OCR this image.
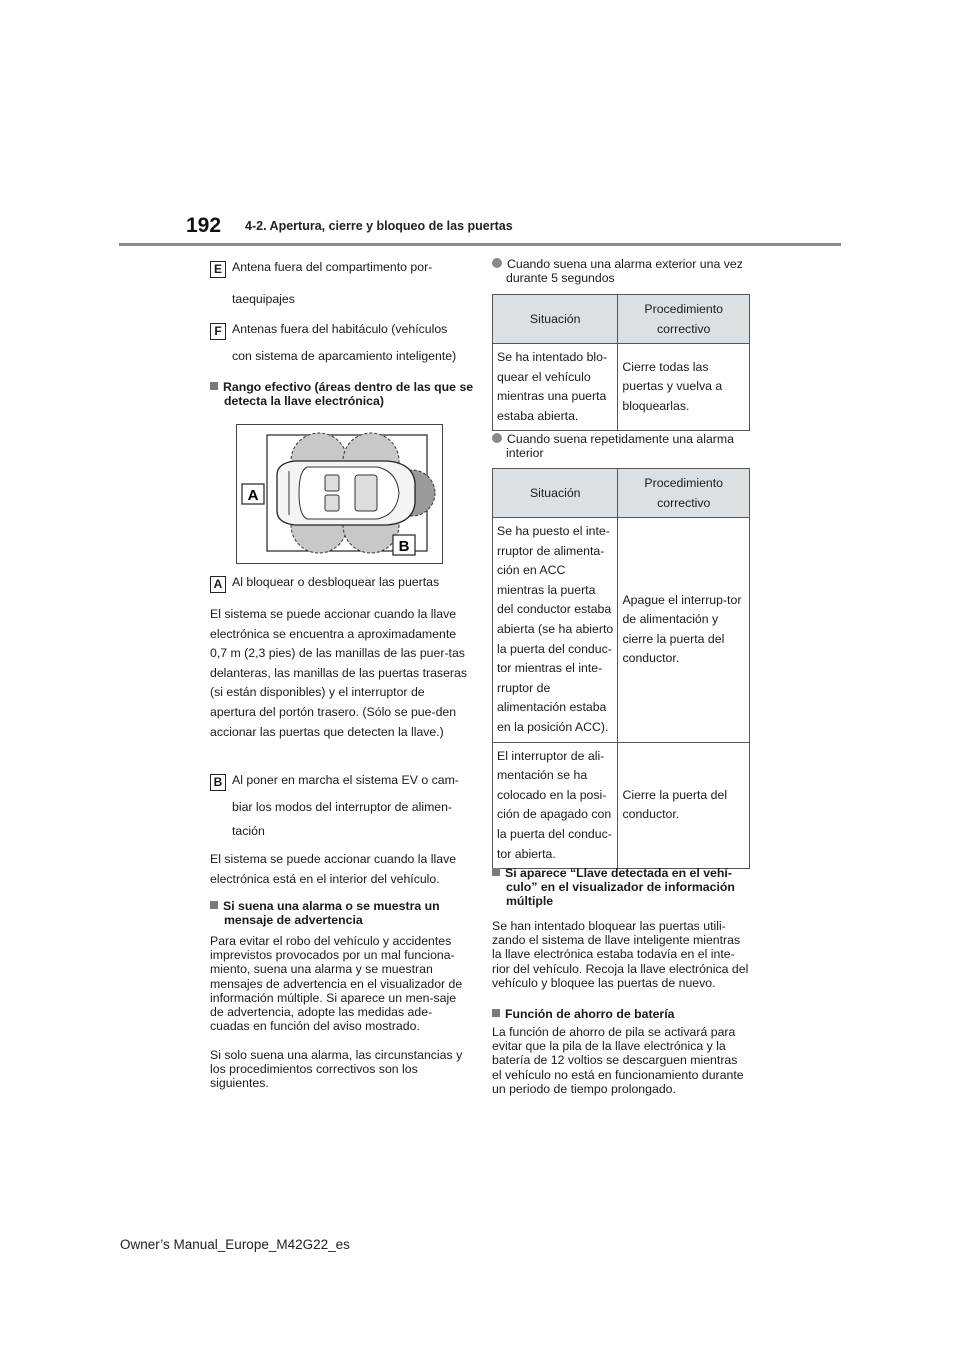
192 4-2. Apertura, cierre y bloqueo de las puertas
E Antena fuera del compartimento por-
taequipajes
F Antenas fuera del habitáculo (vehículos
con sistema de aparcamiento inteligente)
Rango efectivo (áreas dentro de las que se detecta la llave electrónica)
A
B
A Al bloquear o desbloquear las puertas
El sistema se puede accionar cuando la llave electrónica se encuentra a aproximadamente 0,7 m (2,3 pies) de las manillas de las puer-tas delanteras, las manillas de las puertas traseras (si están disponibles) y el interruptor de apertura del portón trasero. (Sólo se pue-den accionar las puertas que detecten la llave.)
B Al poner en marcha el sistema EV o cam-
biar los modos del interruptor de alimen-
tación
El sistema se puede accionar cuando la llave electrónica está en el interior del vehículo.
Si suena una alarma o se muestra un mensaje de advertencia
Para evitar el robo del vehículo y accidentes imprevistos provocados por un mal funciona-miento, suena una alarma y se muestran mensajes de advertencia en el visualizador de información múltiple. Si aparece un men-saje de advertencia, adopte las medidas ade-cuadas en función del aviso mostrado.
Si solo suena una alarma, las circunstancias y los procedimientos correctivos son los siguientes.
Cuando suena una alarma exterior una vez durante 5 segundos
Situación	Procedimiento correctivo
Se ha intentado blo-quear el vehículo mientras una puerta estaba abierta.	Cierre todas las puertas y vuelva a bloquearlas.
Cuando suena repetidamente una alarma interior
Situación	Procedimiento correctivo
Se ha puesto el inte-rruptor de alimenta-ción en ACC mientras la puerta del conductor estaba abierta (se ha abierto la puerta del conduc-tor mientras el inte-rruptor de alimentación estaba en la posición ACC).	Apague el interrup-tor de alimentación y cierre la puerta del conductor.
El interruptor de ali-mentación se ha colocado en la posi-ción de apagado con la puerta del conduc-tor abierta.	Cierre la puerta del conductor.
Si aparece “Llave detectada en el vehí-culo” en el visualizador de información múltiple
Se han intentado bloquear las puertas utili-zando el sistema de llave inteligente mientras la llave electrónica estaba todavía en el inte-rior del vehículo. Recoja la llave electrónica del vehículo y bloquee las puertas de nuevo.
Función de ahorro de batería
La función de ahorro de pila se activará para evitar que la pila de la llave electrónica y la batería de 12 voltios se descarguen mientras el vehículo no está en funcionamiento durante un periodo de tiempo prolongado.
Owner’s Manual_Europe_M42G22_es
